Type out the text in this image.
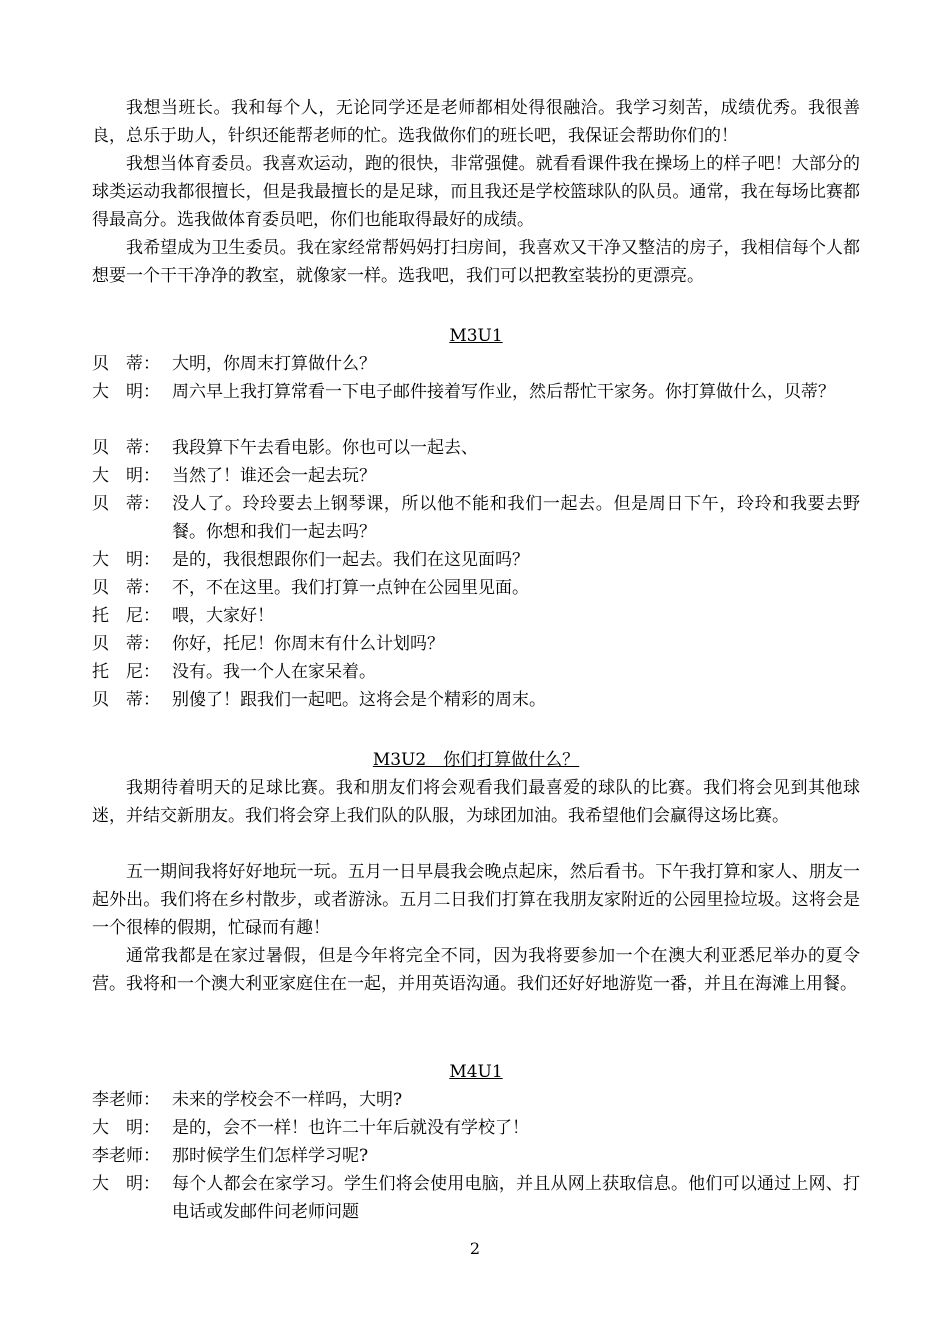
我想当班长。我和每个人，无论同学还是老师都相处得很融洽。我学习刻苦，成绩优秀。我很善良，总乐于助人，针织还能帮老师的忙。选我做你们的班长吧，我保证会帮助你们的！

我想当体育委员。我喜欢运动，跑的很快，非常强健。就看看课件我在操场上的样子吧！大部分的球类运动我都很擅长，但是我最擅长的是足球，而且我还是学校篮球队的队员。通常，我在每场比赛都得最高分。选我做体育委员吧，你们也能取得最好的成绩。

我希望成为卫生委员。我在家经常帮妈妈打扫房间，我喜欢又干净又整洁的房子，我相信每个人都想要一个干干净净的教室，就像家一样。选我吧，我们可以把教室装扮的更漂亮。

M3U1

贝　蒂： 大明，你周末打算做什么？
大　明： 周六早上我打算常看一下电子邮件接着写作业，然后帮忙干家务。你打算做什么，贝蒂？
贝　蒂： 我段算下午去看电影。你也可以一起去、
大　明： 当然了！谁还会一起去玩？
贝　蒂： 没人了。玲玲要去上钢琴课，所以他不能和我们一起去。但是周日下午，玲玲和我要去野餐。你想和我们一起去吗？
大　明： 是的，我很想跟你们一起去。我们在这见面吗？
贝　蒂： 不，不在这里。我们打算一点钟在公园里见面。
托　尼： 喂，大家好！
贝　蒂： 你好，托尼！你周末有什么计划吗？
托　尼： 没有。我一个人在家呆着。
贝　蒂： 别傻了！跟我们一起吧。这将会是个精彩的周末。

M3U2　你们打算做什么？

我期待着明天的足球比赛。我和朋友们将会观看我们最喜爱的球队的比赛。我们将会见到其他球迷，并结交新朋友。我们将会穿上我们队的队服，为球团加油。我希望他们会赢得这场比赛。

五一期间我将好好地玩一玩。五月一日早晨我会晚点起床，然后看书。下午我打算和家人、朋友一起外出。我们将在乡村散步，或者游泳。五月二日我们打算在我朋友家附近的公园里捡垃圾。这将会是一个很棒的假期，忙碌而有趣！

通常我都是在家过暑假，但是今年将完全不同，因为我将要参加一个在澳大利亚悉尼举办的夏令营。我将和一个澳大利亚家庭住在一起，并用英语沟通。我们还好好地游览一番，并且在海滩上用餐。

M4U1

李老师： 未来的学校会不一样吗，大明?
大　明： 是的，会不一样！也许二十年后就没有学校了！
李老师： 那时候学生们怎样学习呢?
大　明： 每个人都会在家学习。学生们将会使用电脑，并且从网上获取信息。他们可以通过上网、打电话或发邮件问老师问题

2
